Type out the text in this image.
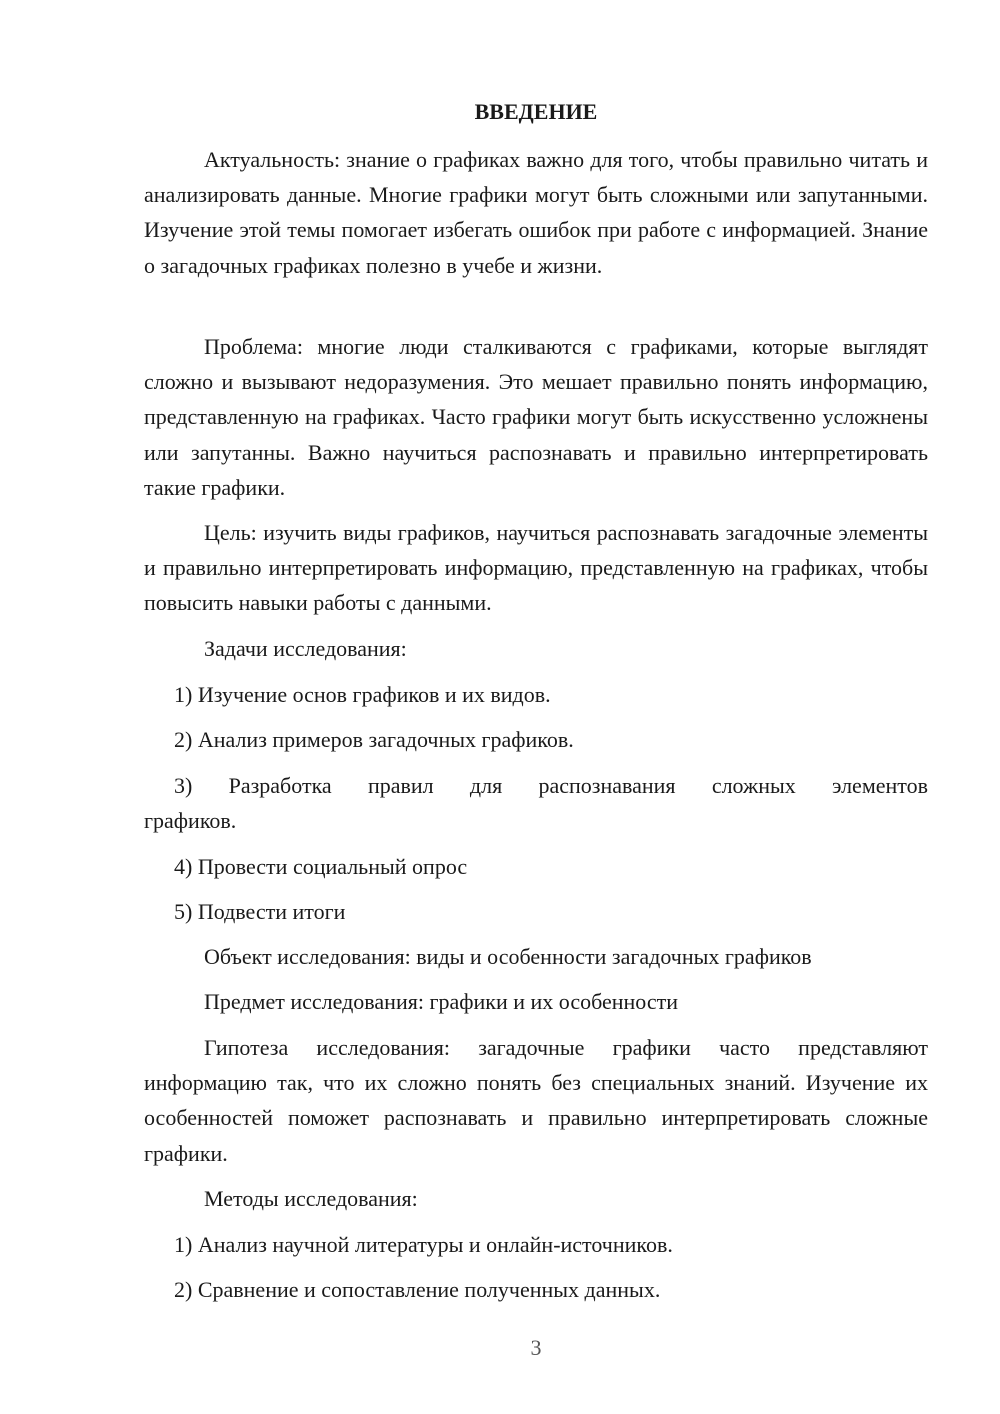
ВВЕДЕНИЕ

Актуальность: знание о графиках важно для того, чтобы правильно читать и анализировать данные. Многие графики могут быть сложными или запутанными. Изучение этой темы помогает избегать ошибок при работе с информацией. Знание о загадочных графиках полезно в учебе и жизни.

Проблема: многие люди сталкиваются с графиками, которые выглядят сложно и вызывают недоразумения. Это мешает правильно понять информацию, представленную на графиках. Часто графики могут быть искусственно усложнены или запутанны. Важно научиться распознавать и правильно интерпретировать такие графики.

Цель: изучить виды графиков, научиться распознавать загадочные элементы и правильно интерпретировать информацию, представленную на графиках, чтобы повысить навыки работы с данными.

Задачи исследования:

1) Изучение основ графиков и их видов.

2) Анализ примеров загадочных графиков.

3) Разработка правил для распознавания сложных элементов

графиков.

4) Провести социальный опрос

5) Подвести итоги

Объект исследования: виды и особенности загадочных графиков

Предмет исследования: графики и их особенности

Гипотеза исследования: загадочные графики часто представляют информацию так, что их сложно понять без специальных знаний. Изучение их особенностей поможет распознавать и правильно интерпретировать сложные графики.

Методы исследования:

1) Анализ научной литературы и онлайн-источников.

2) Сравнение и сопоставление полученных данных.

3
